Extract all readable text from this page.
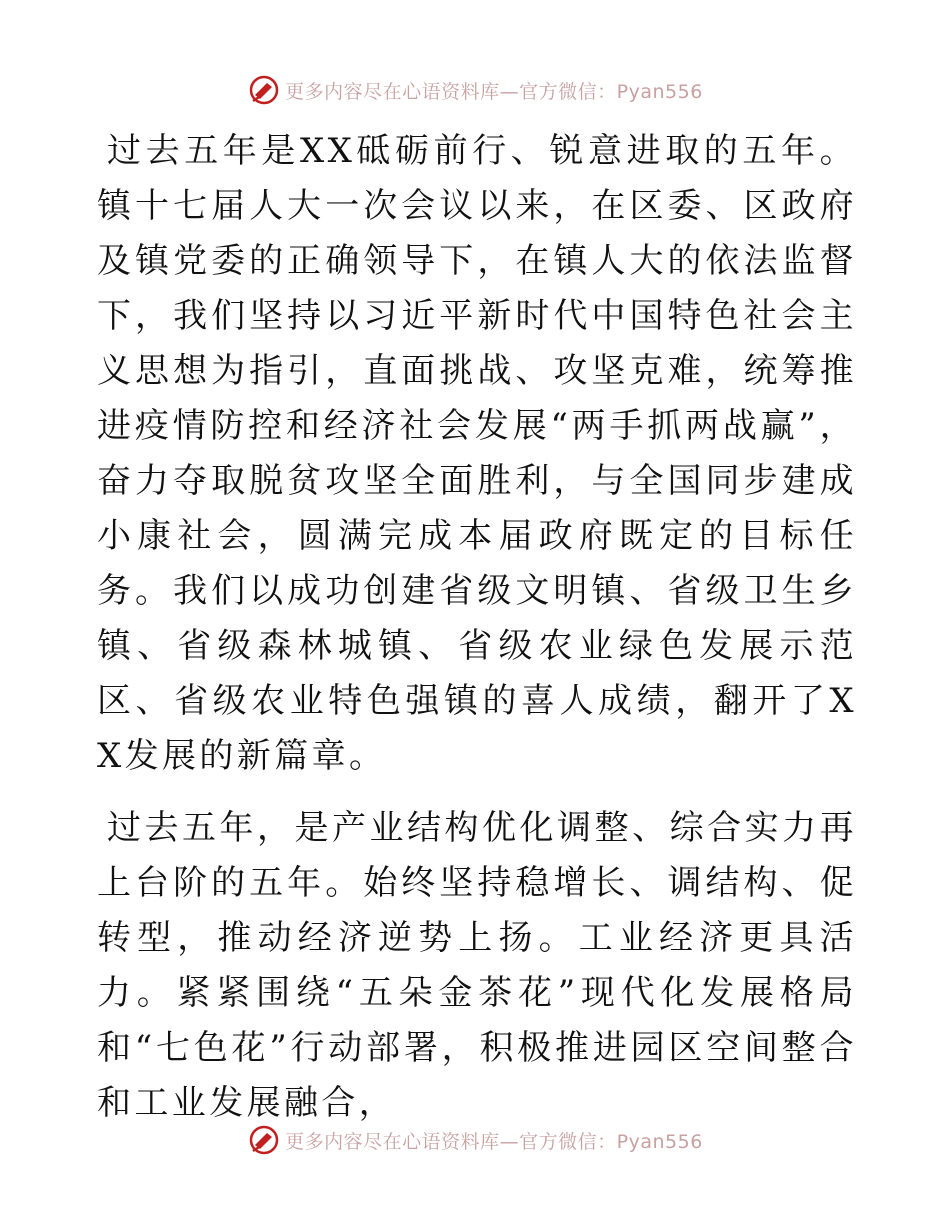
更多内容尽在心语资料库—官方微信：Pyan556

过去五年是XX砥砺前行、锐意进取的五年。镇十七届人大一次会议以来，在区委、区政府及镇党委的正确领导下，在镇人大的依法监督下，我们坚持以习近平新时代中国特色社会主义思想为指引，直面挑战、攻坚克难，统筹推进疫情防控和经济社会发展“两手抓两战赢”，奋力夺取脱贫攻坚全面胜利，与全国同步建成小康社会，圆满完成本届政府既定的目标任务。我们以成功创建省级文明镇、省级卫生乡镇、省级森林城镇、省级农业绿色发展示范区、省级农业特色强镇的喜人成绩，翻开了XX发展的新篇章。

过去五年，是产业结构优化调整、综合实力再上台阶的五年。始终坚持稳增长、调结构、促转型，推动经济逆势上扬。工业经济更具活力。紧紧围绕“五朵金茶花”现代化发展格局和“七色花”行动部署，积极推进园区空间整合和工业发展融合，

更多内容尽在心语资料库—官方微信：Pyan556
